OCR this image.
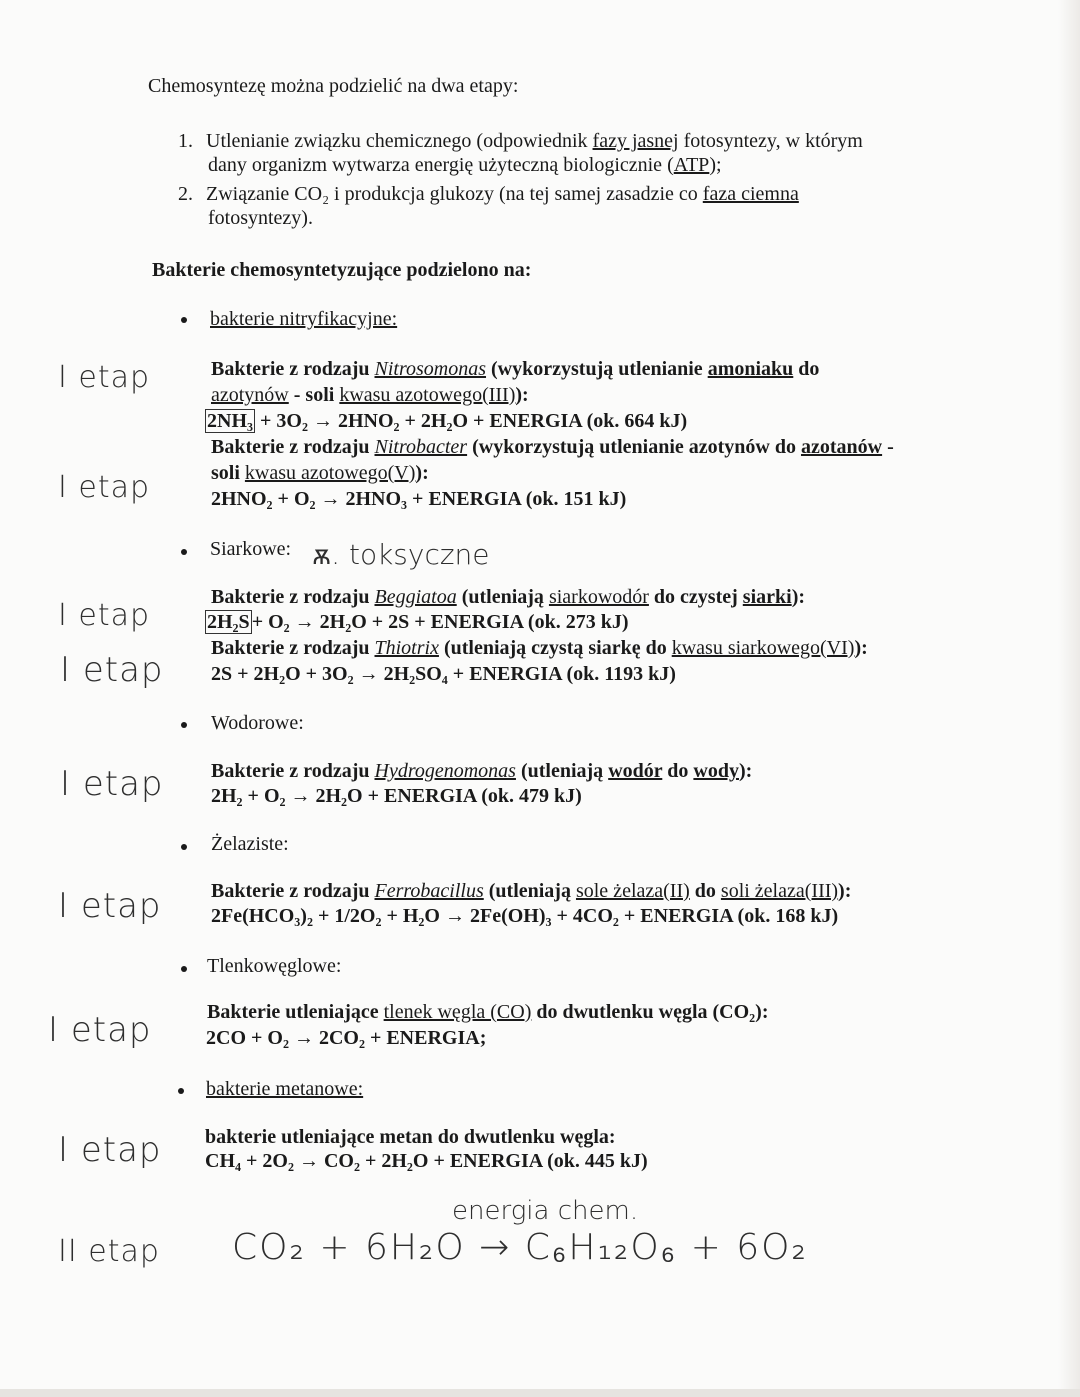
Chemosyntezę można podzielić na dwa etapy:
1. Utlenianie związku chemicznego (odpowiednik fazy jasnej fotosyntezy, w którym
dany organizm wytwarza energię użyteczną biologicznie (ATP);
2. Związanie CO₂ i produkcja glukozy (na tej samej zasadzie co faza ciemna
fotosyntezy).
Bakterie chemosyntetyzujące podzielono na:
bakterie nitryfikacyjne:
Bakterie z rodzaju Nitrosomonas (wykorzystują utlenianie amoniaku do
azotynów - soli kwasu azotowego(III)):
2NH₃ + 3O₂ → 2HNO₂ + 2H₂O + ENERGIA (ok. 664 kJ)
Bakterie z rodzaju Nitrobacter (wykorzystują utlenianie azotynów do azotanów -
soli kwasu azotowego(V)):
2HNO₂ + O₂ → 2HNO₃ + ENERGIA (ok. 151 kJ)
Siarkowe: ѫ. toksyczne
Bakterie z rodzaju Beggiatoa (utleniają siarkowodór do czystej siarki):
2H₂S + O₂ → 2H₂O + 2S + ENERGIA (ok. 273 kJ)
Bakterie z rodzaju Thiotrix (utleniają czystą siarkę do kwasu siarkowego(VI)):
2S + 2H₂O + 3O₂ → 2H₂SO₄ + ENERGIA (ok. 1193 kJ)
Wodorowe:
Bakterie z rodzaju Hydrogenomonas (utleniają wodór do wody):
2H₂ + O₂ → 2H₂O + ENERGIA (ok. 479 kJ)
Żelaziste:
Bakterie z rodzaju Ferrobacillus (utleniają sole żelaza(II) do soli żelaza(III)):
2Fe(HCO₃)₂ + 1/2O₂ + H₂O → 2Fe(OH)₃ + 4CO₂ + ENERGIA (ok. 168 kJ)
Tlenkowęglowe:
Bakterie utleniające tlenek węgla (CO) do dwutlenku węgla (CO₂):
2CO + O₂ → 2CO₂ + ENERGIA;
bakterie metanowe:
bakterie utleniające metan do dwutlenku węgla:
CH₄ + 2O₂ → CO₂ + 2H₂O + ENERGIA (ok. 445 kJ)
I etap
I etap
I etap
I etap
I etap
I etap
I etap
I etap
II etap
energia chem.
CO₂ + 6H₂O → C₆H₁₂O₆ + 6O₂
